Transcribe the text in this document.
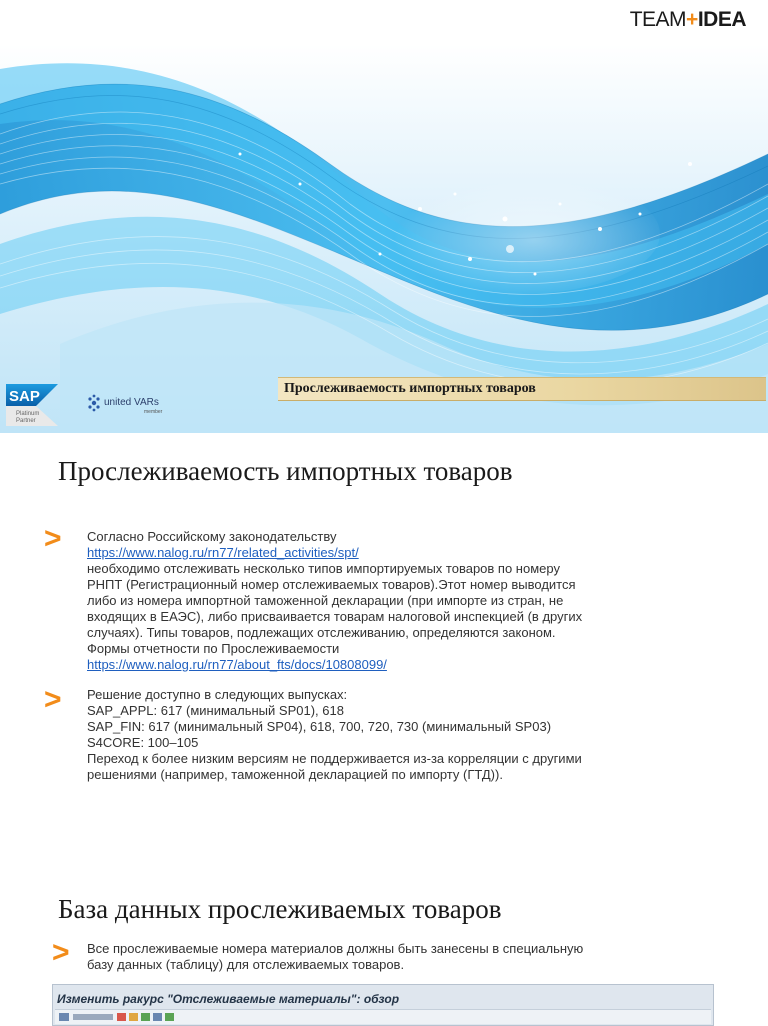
TEAM+IDEA
Прослеживаемость импортных товаров
SAP
Platinum
Partner
united VARs
member
Прослеживаемость импортных товаров
> Согласно Российскому законодательству
https://www.nalog.ru/rn77/related_activities/spt/
необходимо отслеживать несколько типов импортируемых товаров по номеру
РНПТ (Регистрационный номер отслеживаемых товаров).Этот номер выводится
либо из номера импортной таможенной декларации (при импорте из стран, не
входящих в ЕАЭС), либо присваивается товарам налоговой инспекцией (в других
случаях). Типы товаров, подлежащих отслеживанию, определяются законом.
Формы отчетности по Прослеживаемости
https://www.nalog.ru/rn77/about_fts/docs/10808099/
> Решение доступно в следующих выпусках:
SAP_APPL: 617 (минимальный SP01), 618
SAP_FIN: 617 (минимальный SP04), 618, 700, 720, 730 (минимальный SP03)
S4CORE: 100–105
Переход к более низким версиям не поддерживается из-за корреляции с другими
решениями (например, таможенной декларацией по импорту (ГТД)).
База данных прослеживаемых товаров
> Все прослеживаемые номера материалов должны быть занесены в специальную
базу данных (таблицу) для отслеживаемых товаров.
Изменить ракурс "Отслеживаемые материалы": обзор
